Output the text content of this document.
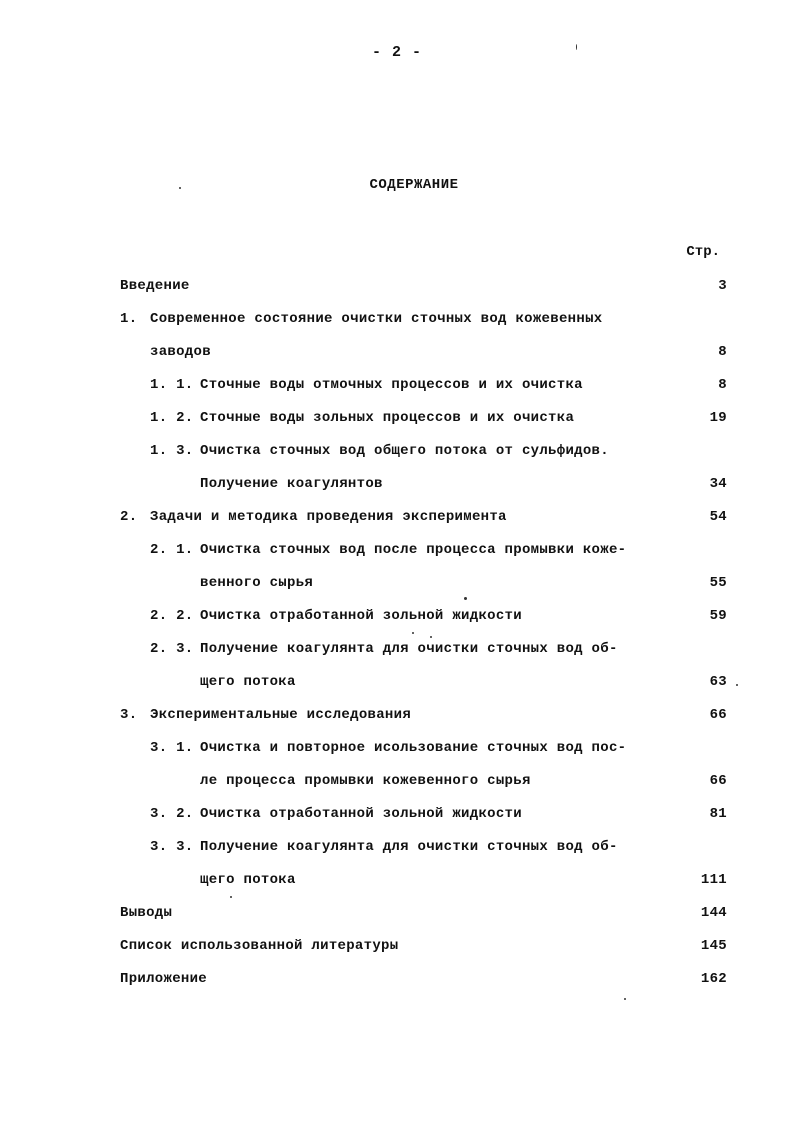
- 2 -
СОДЕРЖАНИЕ
Стр.
Введение	3
1. Современное состояние очистки сточных вод кожевенных
заводов	8
1. 1. Сточные воды отмочных процессов и их очистка	8
1. 2. Сточные воды зольных процессов и их очистка	19
1. 3. Очистка сточных вод общего потока от сульфидов.
Получение коагулянтов	34
2. Задачи и методика проведения эксперимента	54
2. 1. Очистка сточных вод после процесса промывки коже-
венного сырья	55
2. 2. Очистка отработанной зольной жидкости	59
2. 3. Получение коагулянта для очистки сточных вод об-
щего потока	63
3. Экспериментальные исследования	66
3. 1. Очистка и повторное исользование сточных вод пос-
ле процесса промывки кожевенного сырья	66
3. 2. Очистка отработанной зольной жидкости	81
3. 3. Получение коагулянта для очистки сточных вод об-
щего потока	111
Выводы	144
Список использованной литературы	145
Приложение	162
